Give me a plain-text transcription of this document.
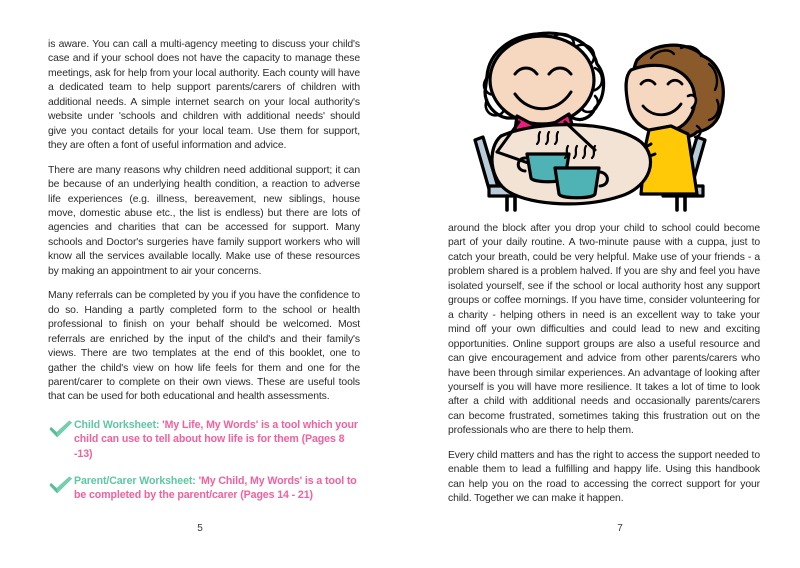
is aware. You can call a multi-agency meeting to discuss your child's case and if your school does not have the capacity to manage these meetings, ask for help from your local authority. Each county will have a dedicated team to help support parents/carers of children with additional needs. A simple internet search on your local authority's website under 'schools and children with additional needs' should give you contact details for your local team. Use them for support, they are often a font of useful information and advice.

There are many reasons why children need additional support; it can be because of an underlying health condition, a reaction to adverse life experiences (e.g. illness, bereavement, new siblings, house move, domestic abuse etc., the list is endless) but there are lots of agencies and charities that can be accessed for support. Many schools and Doctor's surgeries have family support workers who will know all the services available locally. Make use of these resources by making an appointment to air your concerns.

Many referrals can be completed by you if you have the confidence to do so. Handing a partly completed form to the school or health professional to finish on your behalf should be welcomed. Most referrals are enriched by the input of the child's and their family's views. There are two templates at the end of this booklet, one to gather the child's view on how life feels for them and one for the parent/carer to complete on their own views. These are useful tools that can be used for both educational and health assessments.

Child Worksheet: 'My Life, My Words' is a tool which your child can use to tell about how life is for them (Pages 8 -13)
Parent/Carer Worksheet: 'My Child, My Words' is a tool to be completed by the parent/carer (Pages 14 - 21)
5

around the block after you drop your child to school could become part of your daily routine. A two-minute pause with a cuppa, just to catch your breath, could be very helpful. Make use of your friends - a problem shared is a problem halved. If you are shy and feel you have isolated yourself, see if the school or local authority host any support groups or coffee mornings. If you have time, consider volunteering for a charity - helping others in need is an excellent way to take your mind off your own difficulties and could lead to new and exciting opportunities. Online support groups are also a useful resource and can give encouragement and advice from other parents/carers who have been through similar experiences. An advantage of looking after yourself is you will have more resilience. It takes a lot of time to look after a child with additional needs and occasionally parents/carers can become frustrated, sometimes taking this frustration out on the professionals who are there to help them.

Every child matters and has the right to access the support needed to enable them to lead a fulfilling and happy life. Using this handbook can help you on the road to accessing the correct support for your child. Together we can make it happen.

7
